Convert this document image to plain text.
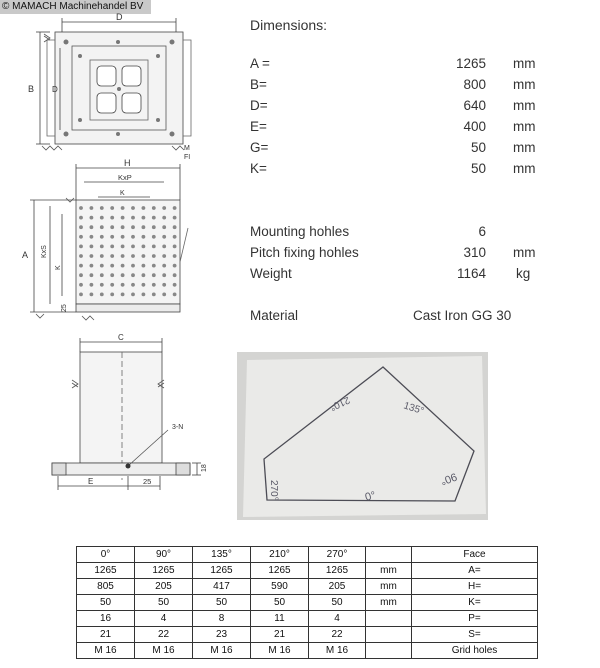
© MAMACH Machinehandel BV
D
B D
M
FI
H
KxP
K
A KxS
K
25
C
3-N
E	25
18
Dimensions:
A =	1265 mm
B=	800 mm
D=	640 mm
E=	400 mm
G=	50 mm
K=	50 mm
Mounting hohles	6
Pitch fixing hohles	310 mm
Weight	1164 kg
Material	Cast Iron GG 30
135°
210°
270°
90°
0°
0°	90°	135°	210°	270°		Face
1265	1265	1265	1265	1265	mm	A=
805	205	417	590	205	mm	H=
50	50	50	50	50	mm	K=
16	4	8	11	4		P=
21	22	23	21	22		S=
M 16	M 16	M 16	M 16	M 16		Grid holes
